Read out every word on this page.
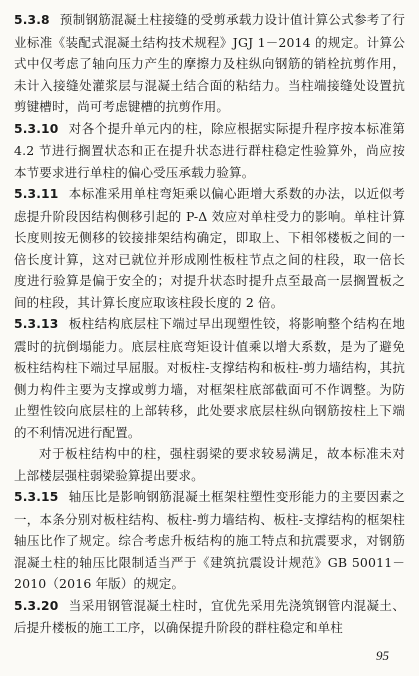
5.3.8 预制钢筋混凝土柱接缝的受剪承载力设计值计算公式参考了行业标准《装配式混凝土结构技术规程》JGJ 1－2014 的规定。计算公式中仅考虑了轴向压力产生的摩擦力及柱纵向钢筋的销栓抗剪作用，未计入接缝处灌浆层与混凝土结合面的粘结力。当柱端接缝处设置抗剪键槽时，尚可考虑键槽的抗剪作用。

5.3.10 对各个提升单元内的柱，除应根据实际提升程序按本标准第 4.2 节进行搁置状态和正在提升状态进行群柱稳定性验算外，尚应按本节要求进行单柱的偏心受压承载力验算。

5.3.11 本标准采用单柱弯矩乘以偏心距增大系数的办法，以近似考虑提升阶段因结构侧移引起的 P-Δ 效应对单柱受力的影响。单柱计算长度则按无侧移的铰接排架结构确定，即取上、下相邻楼板之间的一倍长度计算，这对已就位并形成刚性板柱节点之间的柱段，取一倍长度进行验算是偏于安全的；对提升状态时提升点至最高一层搁置板之间的柱段，其计算长度应取该柱段长度的 2 倍。

5.3.13 板柱结构底层柱下端过早出现塑性铰，将影响整个结构在地震时的抗倒塌能力。底层柱底弯矩设计值乘以增大系数，是为了避免板柱结构柱下端过早屈服。对板柱-支撑结构和板柱-剪力墙结构，其抗侧力构件主要为支撑或剪力墙，对框架柱底部截面可不作调整。为防止塑性铰向底层柱的上部转移，此处要求底层柱纵向钢筋按柱上下端的不利情况进行配置。

对于板柱结构中的柱，强柱弱梁的要求较易满足，故本标准未对上部楼层强柱弱梁验算提出要求。

5.3.15 轴压比是影响钢筋混凝土框架柱塑性变形能力的主要因素之一，本条分别对板柱结构、板柱-剪力墙结构、板柱-支撑结构的框架柱轴压比作了规定。综合考虑升板结构的施工特点和抗震要求，对钢筋混凝土柱的轴压比限制适当严于《建筑抗震设计规范》GB 50011－2010（2016 年版）的规定。

5.3.20 当采用钢管混凝土柱时，宜优先采用先浇筑钢管内混凝土、后提升楼板的施工工序，以确保提升阶段的群柱稳定和单柱

95
